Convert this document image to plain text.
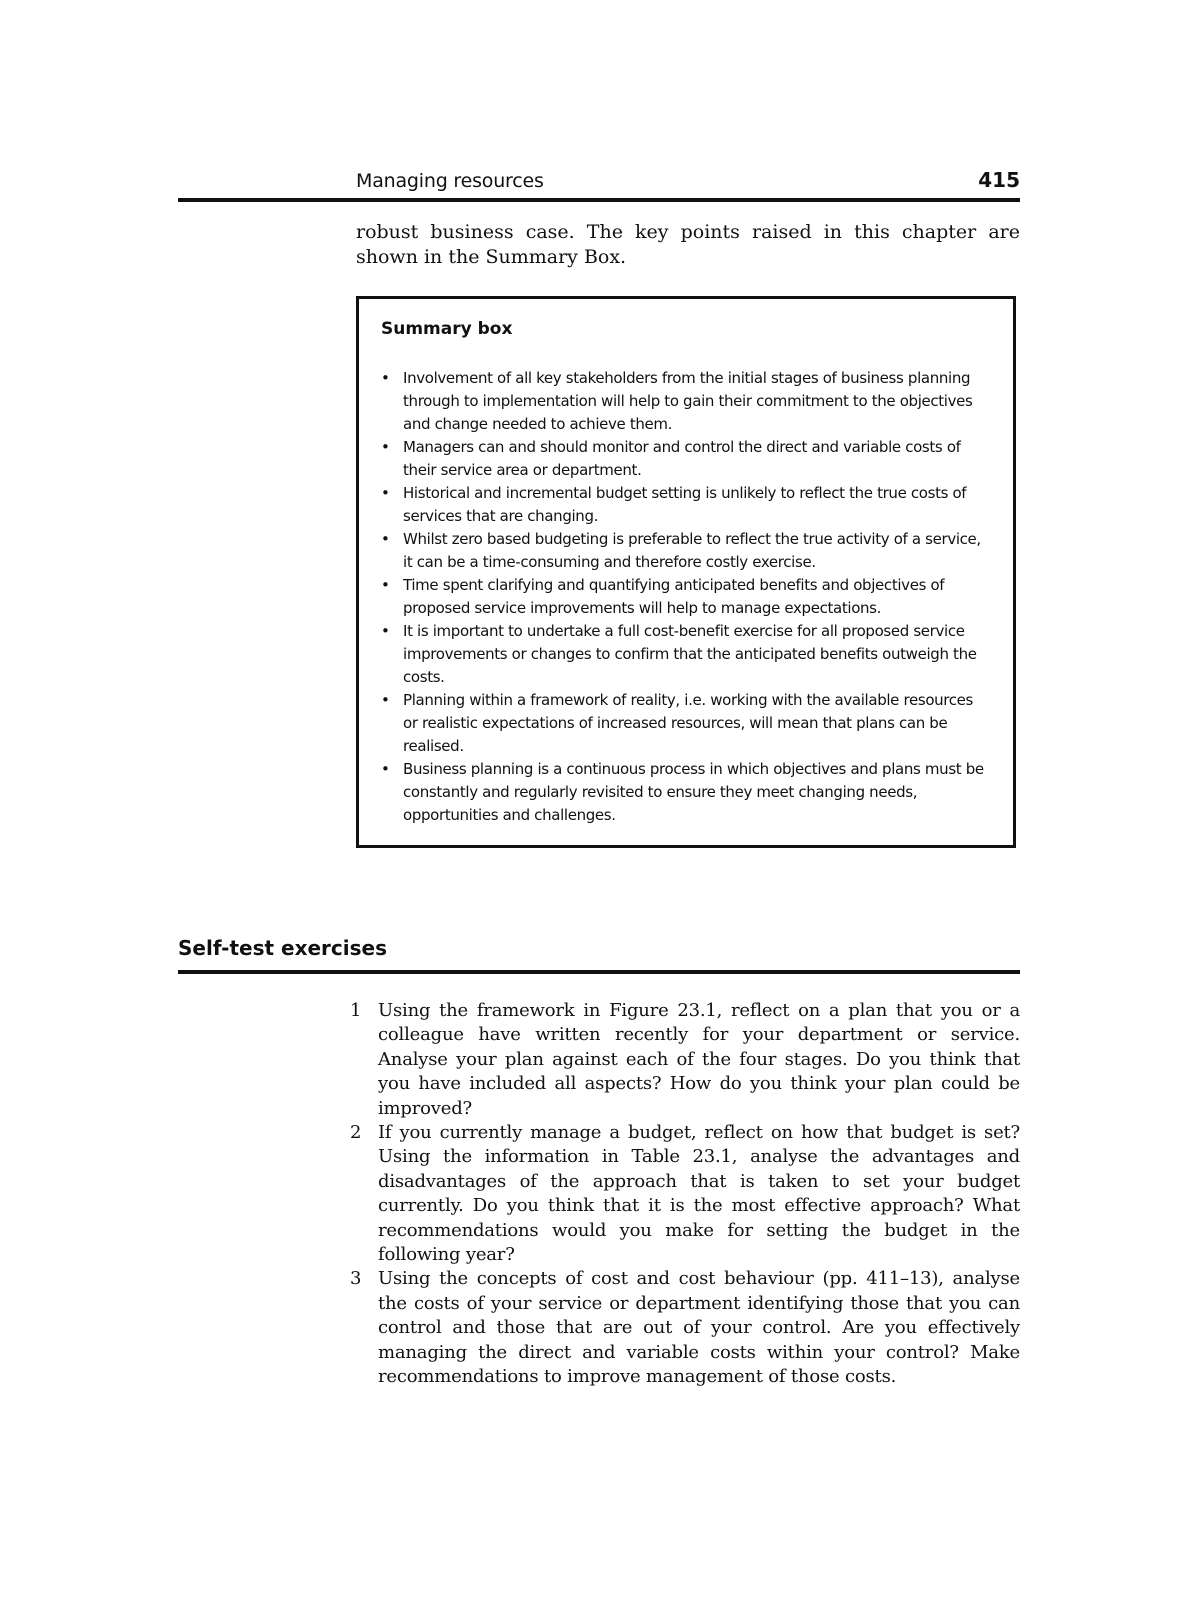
Managing resources	415

robust business case. The key points raised in this chapter are shown in the Summary Box.

Summary box
• Involvement of all key stakeholders from the initial stages of business planning through to implementation will help to gain their commitment to the objectives and change needed to achieve them.
• Managers can and should monitor and control the direct and variable costs of their service area or department.
• Historical and incremental budget setting is unlikely to reflect the true costs of services that are changing.
• Whilst zero based budgeting is preferable to reflect the true activity of a service, it can be a time-consuming and therefore costly exercise.
• Time spent clarifying and quantifying anticipated benefits and objectives of proposed service improvements will help to manage expectations.
• It is important to undertake a full cost-benefit exercise for all proposed service improvements or changes to confirm that the anticipated benefits outweigh the costs.
• Planning within a framework of reality, i.e. working with the available resources or realistic expectations of increased resources, will mean that plans can be realised.
• Business planning is a continuous process in which objectives and plans must be constantly and regularly revisited to ensure they meet changing needs, opportunities and challenges.
Self-test exercises
1 Using the framework in Figure 23.1, reflect on a plan that you or a colleague have written recently for your department or service. Analyse your plan against each of the four stages. Do you think that you have included all aspects? How do you think your plan could be improved?
2 If you currently manage a budget, reflect on how that budget is set? Using the information in Table 23.1, analyse the advantages and disadvantages of the approach that is taken to set your budget currently. Do you think that it is the most effective approach? What recommendations would you make for setting the budget in the following year?
3 Using the concepts of cost and cost behaviour (pp. 411–13), analyse the costs of your service or department identifying those that you can control and those that are out of your control. Are you effectively managing the direct and variable costs within your control? Make recommendations to improve management of those costs.
